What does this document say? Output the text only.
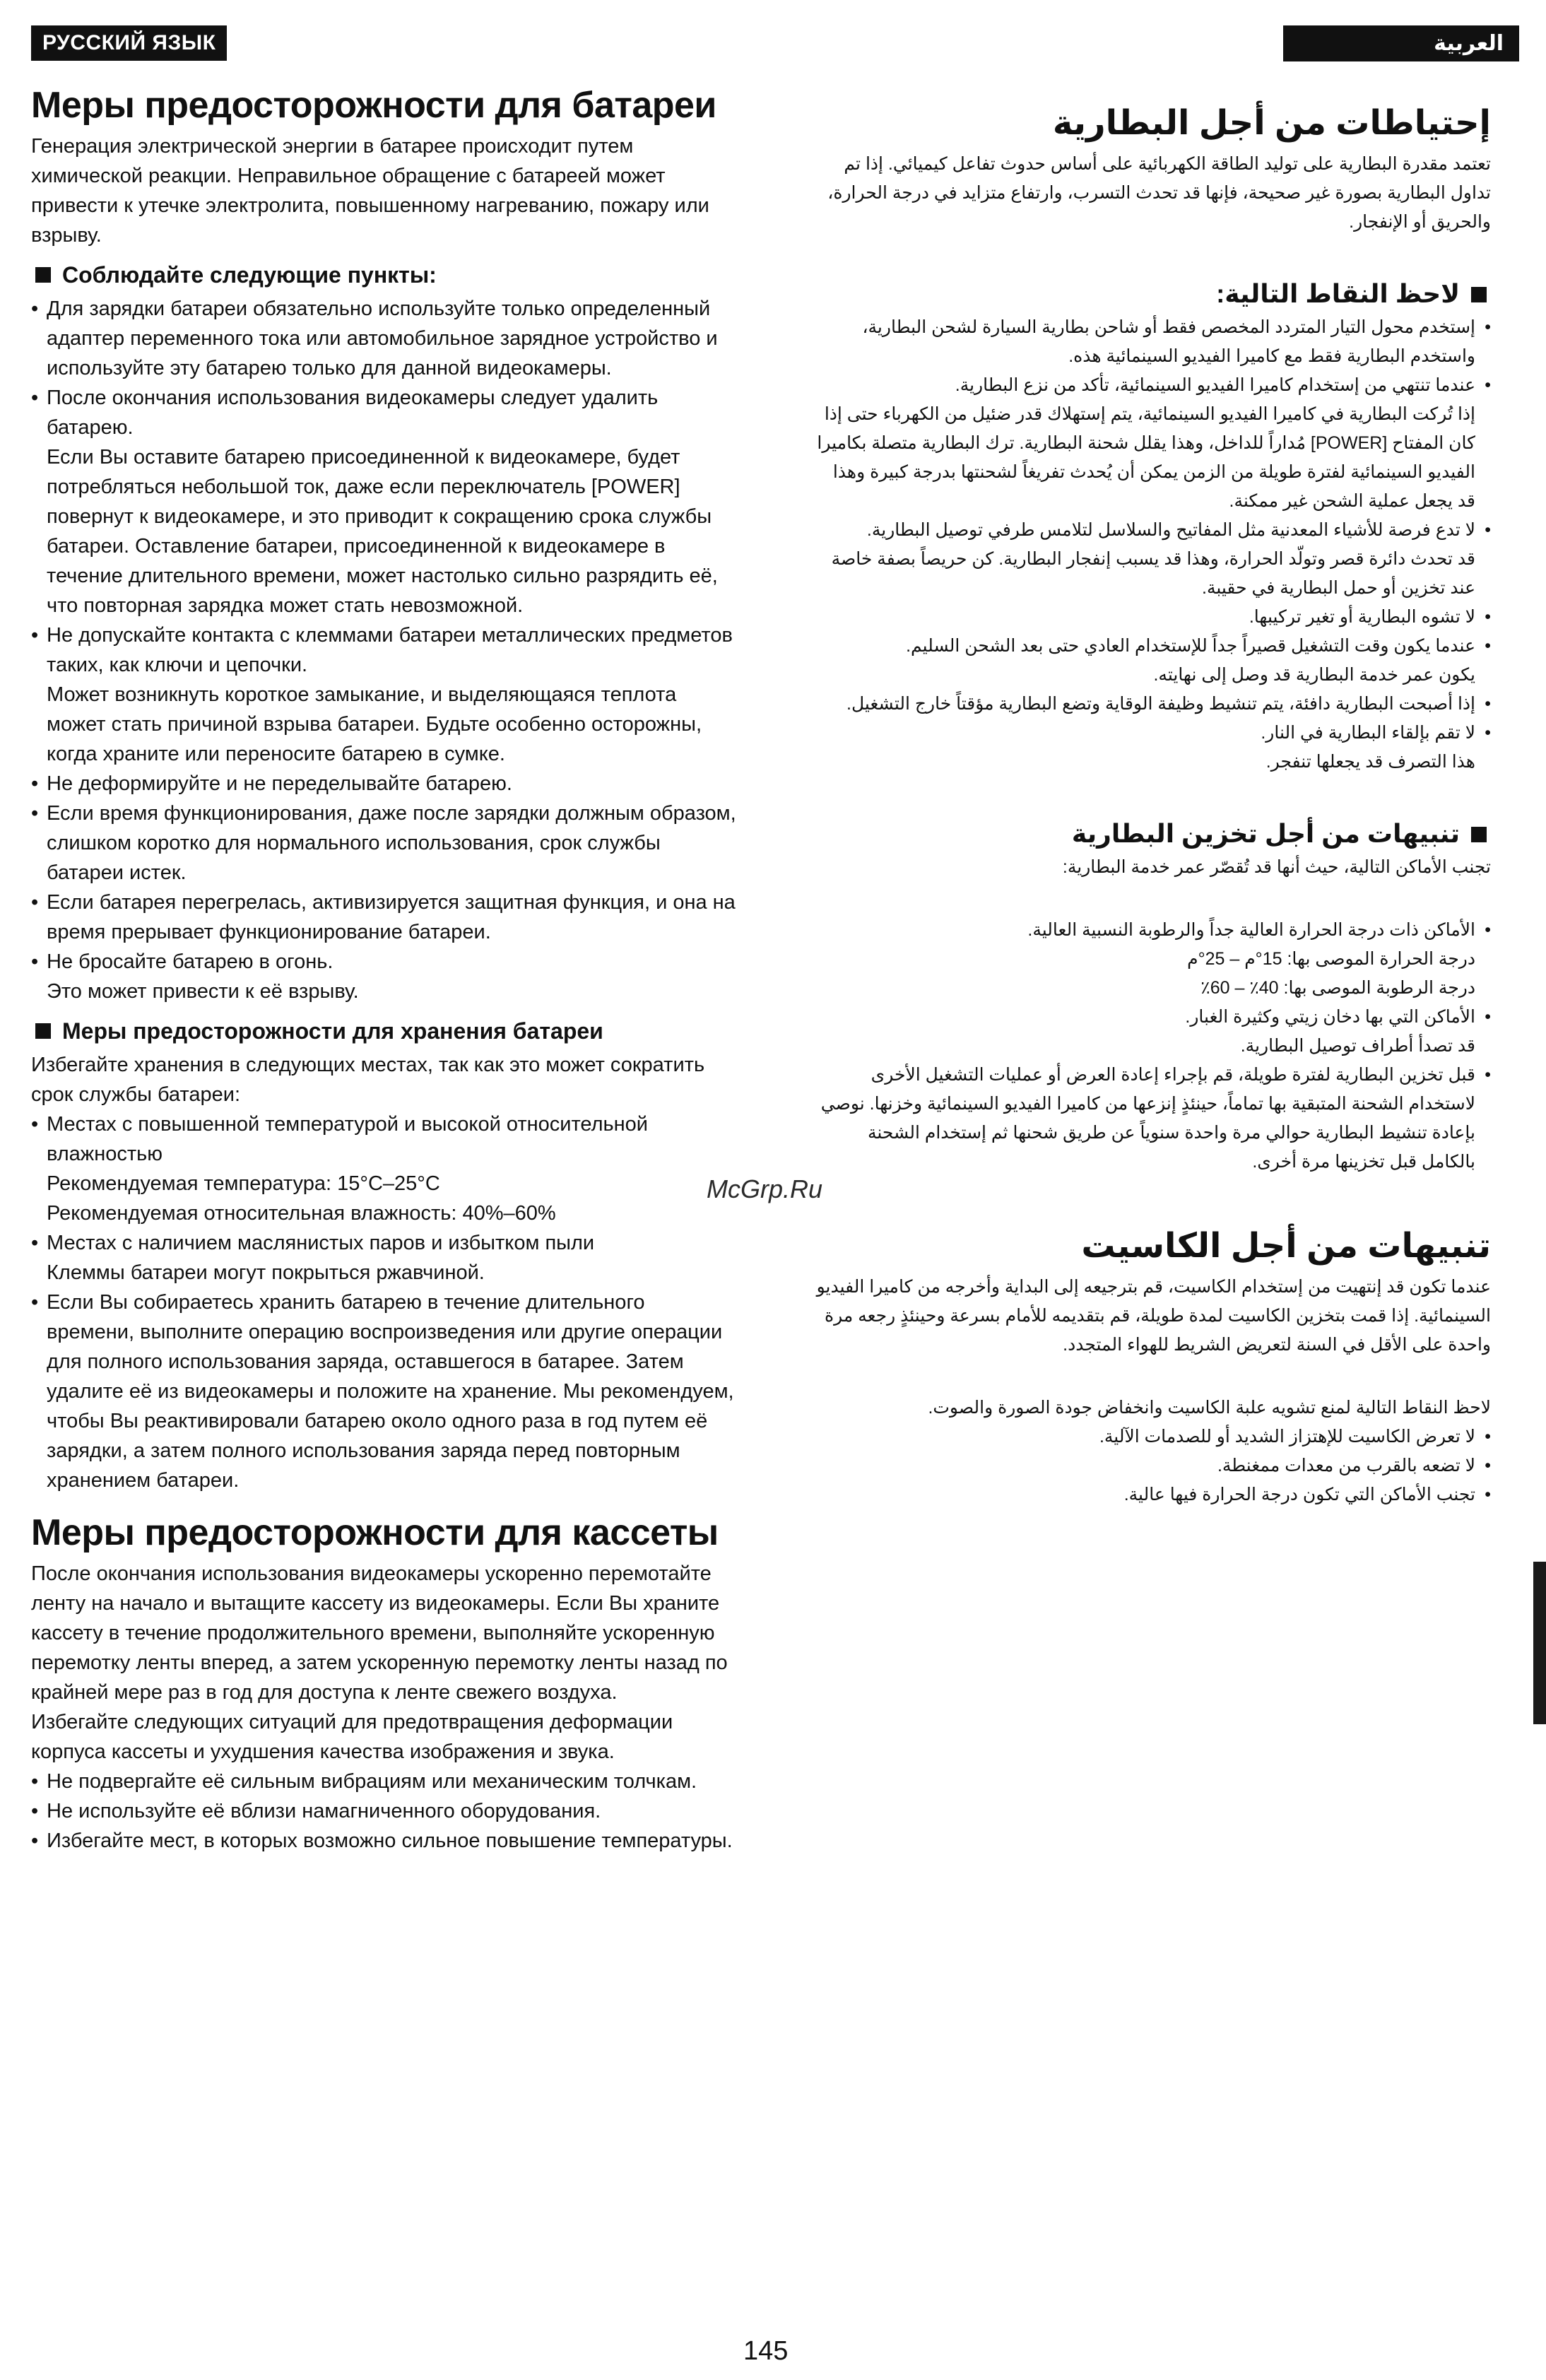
РУССКИЙ ЯЗЫК
Меры предосторожности для батареи

Генерация электрической энергии в батарее происходит путем химической реакции. Неправильное обращение с батареей может привести к утечке электролита, повышенному нагреванию, пожару или взрыву.

Соблюдайте следующие пункты:
• Для зарядки батареи обязательно используйте только определенный адаптер переменного тока или автомобильное зарядное устройство и используйте эту батарею только для данной видеокамеры.
• После окончания использования видеокамеры следует удалить батарею.
Если Вы оставите батарею присоединенной к видеокамере, будет потребляться небольшой ток, даже если переключатель [POWER] повернут к видеокамере, и это приводит к сокращению срока службы батареи. Оставление батареи, присоединенной к видеокамере в течение длительного времени, может настолько сильно разрядить её, что повторная зарядка может стать невозможной.
• Не допускайте контакта с клеммами батареи металлических предметов таких, как ключи и цепочки.
Может возникнуть короткое замыкание, и выделяющаяся теплота может стать причиной взрыва батареи. Будьте особенно осторожны, когда храните или переносите батарею в сумке.
• Не деформируйте и не переделывайте батарею.
• Если время функционирования, даже после зарядки должным образом, слишком коротко для нормального использования, срок службы батареи истек.
• Если батарея перегрелась, активизируется защитная функция, и она на время прерывает функционирование батареи.
• Не бросайте батарею в огонь.
Это может привести к её взрыву.
Меры предосторожности для хранения батареи

Избегайте хранения в следующих местах, так как это может сократить срок службы батареи:

• Местах с повышенной температурой и высокой относительной влажностью
Рекомендуемая температура: 15°C–25°C
Рекомендуемая относительная влажность: 40%–60%
• Местах с наличием маслянистых паров и избытком пыли
Клеммы батареи могут покрыться ржавчиной.
• Если Вы собираетесь хранить батарею в течение длительного времени, выполните операцию воспроизведения или другие операции для полного использования заряда, оставшегося в батарее. Затем удалите её из видеокамеры и положите на хранение. Мы рекомендуем, чтобы Вы реактивировали батарею около одного раза в год путем её зарядки, а затем полного использования заряда перед повторным хранением батареи.
Меры предосторожности для кассеты

После окончания использования видеокамеры ускоренно перемотайте ленту на начало и вытащите кассету из видеокамеры. Если Вы храните кассету в течение продолжительного времени, выполняйте ускоренную перемотку ленты вперед, а затем ускоренную перемотку ленты назад по крайней мере раз в год для доступа к ленте свежего воздуха.

Избегайте следующих ситуаций для предотвращения деформации корпуса кассеты и ухудшения качества изображения и звука.

• Не подвергайте её сильным вибрациям или механическим толчкам.
• Не используйте её вблизи намагниченного оборудования.
• Избегайте мест, в которых возможно сильное повышение температуры.
العربية
إحتياطات من أجل البطارية

تعتمد مقدرة البطارية على توليد الطاقة الكهربائية على أساس حدوث تفاعل كيميائي. إذا تم تداول البطارية بصورة غير صحيحة، فإنها قد تحدث التسرب، وارتفاع متزايد في درجة الحرارة، والحريق أو الإنفجار.

لاحظ النقاط التالية:
• إستخدم محول التيار المتردد المخصص فقط أو شاحن بطارية السيارة لشحن البطارية، واستخدم البطارية فقط مع كاميرا الفيديو السينمائية هذه.
• عندما تنتهي من إستخدام كاميرا الفيديو السينمائية، تأكد من نزع البطارية.
إذا تُركت البطارية في كاميرا الفيديو السينمائية، يتم إستهلاك قدر ضئيل من الكهرباء حتى إذا كان المفتاح [POWER] مُداراً للداخل، وهذا يقلل شحنة البطارية. ترك البطارية متصلة بكاميرا الفيديو السينمائية لفترة طويلة من الزمن يمكن أن يُحدث تفريغاً لشحنتها بدرجة كبيرة وهذا قد يجعل عملية الشحن غير ممكنة.
• لا تدع فرصة للأشياء المعدنية مثل المفاتيح والسلاسل لتلامس طرفي توصيل البطارية.
قد تحدث دائرة قصر وتولّد الحرارة، وهذا قد يسبب إنفجار البطارية. كن حريصاً بصفة خاصة عند تخزين أو حمل البطارية في حقيبة.
• لا تشوه البطارية أو تغير تركيبها.
• عندما يكون وقت التشغيل قصيراً جداً للإستخدام العادي حتى بعد الشحن السليم.
يكون عمر خدمة البطارية قد وصل إلى نهايته.
• إذا أصبحت البطارية دافئة، يتم تنشيط وظيفة الوقاية وتضع البطارية مؤقتاً خارج التشغيل.
• لا تقم بإلقاء البطارية في النار.
هذا التصرف قد يجعلها تنفجر.
تنبيهات من أجل تخزين البطارية

تجنب الأماكن التالية، حيث أنها قد تُقصّر عمر خدمة البطارية:

• الأماكن ذات درجة الحرارة العالية جداً والرطوبة النسبية العالية.
درجة الحرارة الموصى بها: 15°م – 25°م
درجة الرطوبة الموصى بها: 40٪ – 60٪
• الأماكن التي بها دخان زيتي وكثيرة الغبار.
قد تصدأ أطراف توصيل البطارية.
• قبل تخزين البطارية لفترة طويلة، قم بإجراء إعادة العرض أو عمليات التشغيل الأخرى لاستخدام الشحنة المتبقية بها تماماً، حينئذٍ إنزعها من كاميرا الفيديو السينمائية وخزنها. نوصي بإعادة تنشيط البطارية حوالي مرة واحدة سنوياً عن طريق شحنها ثم إستخدام الشحنة بالكامل قبل تخزينها مرة أخرى.
تنبيهات من أجل الكاسيت

عندما تكون قد إنتهيت من إستخدام الكاسيت، قم بترجيعه إلى البداية وأخرجه من كاميرا الفيديو السينمائية. إذا قمت بتخزين الكاسيت لمدة طويلة، قم بتقديمه للأمام بسرعة وحينئذٍ رجعه مرة واحدة على الأقل في السنة لتعريض الشريط للهواء المتجدد.

لاحظ النقاط التالية لمنع تشويه علبة الكاسيت وانخفاض جودة الصورة والصوت.

• لا تعرض الكاسيت للإهتزاز الشديد أو للصدمات الآلية.
• لا تضعه بالقرب من معدات ممغنطة.
• تجنب الأماكن التي تكون درجة الحرارة فيها عالية.
McGrp.Ru
145
